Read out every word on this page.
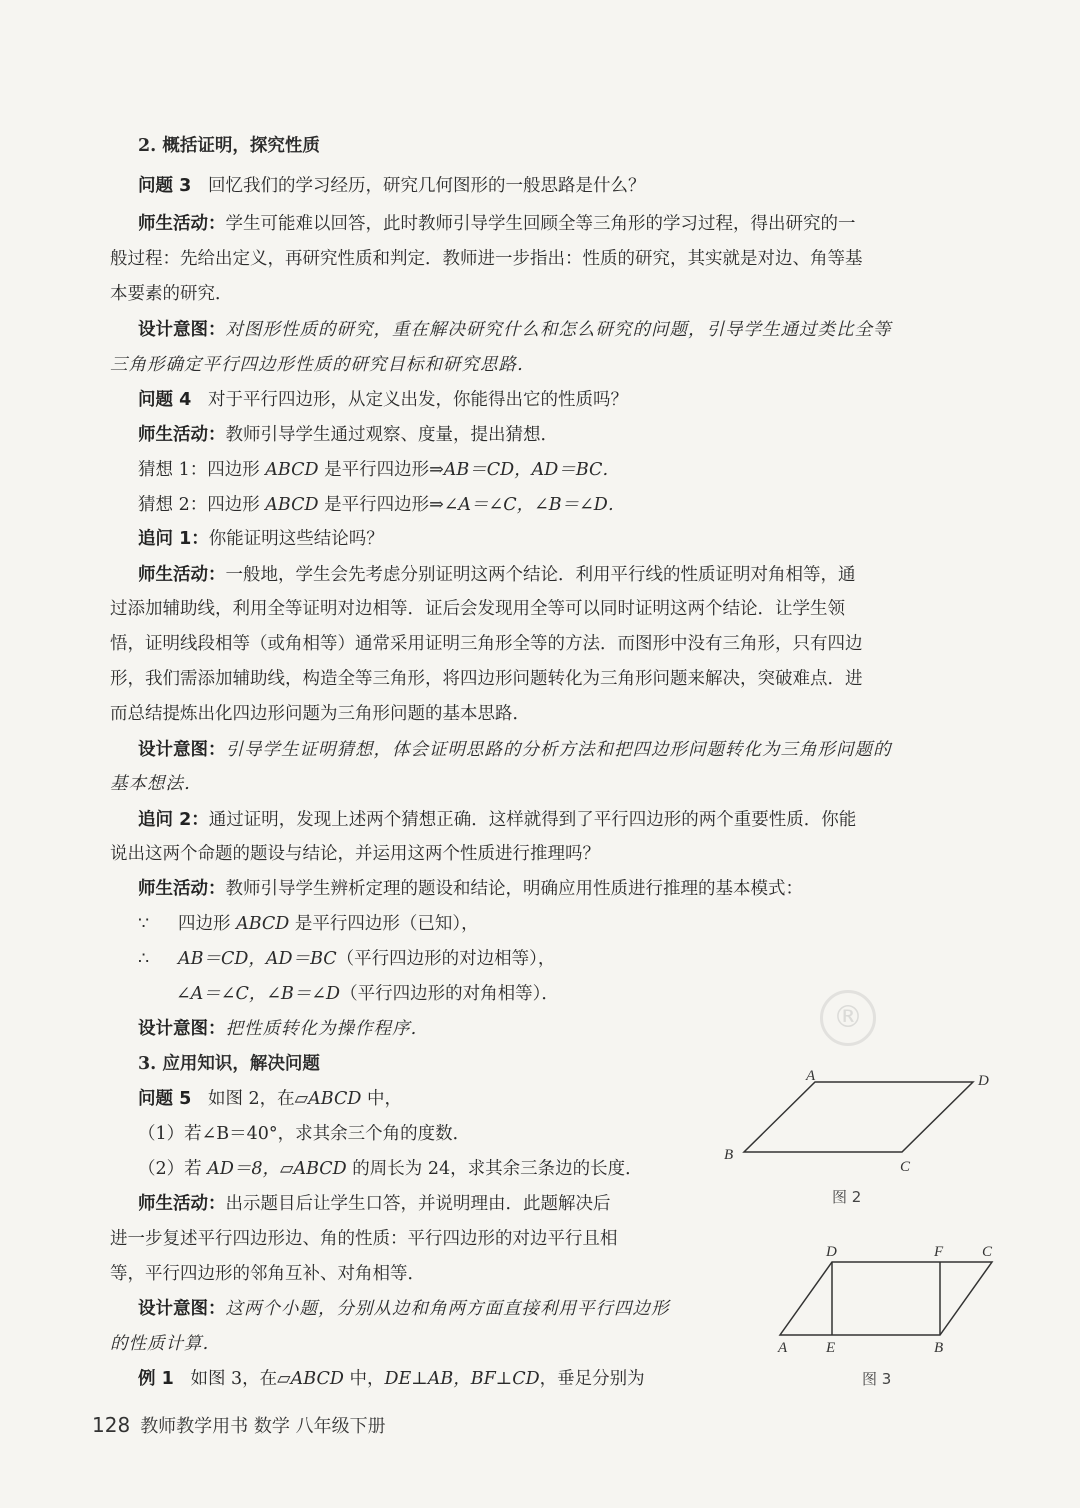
2. 概括证明，探究性质
问题 3 回忆我们的学习经历，研究几何图形的一般思路是什么？
师生活动：学生可能难以回答，此时教师引导学生回顾全等三角形的学习过程，得出研究的一
般过程：先给出定义，再研究性质和判定．教师进一步指出：性质的研究，其实就是对边、角等基
本要素的研究．
设计意图：对图形性质的研究，重在解决研究什么和怎么研究的问题，引导学生通过类比全等
三角形确定平行四边形性质的研究目标和研究思路．
问题 4 对于平行四边形，从定义出发，你能得出它的性质吗？
师生活动：教师引导学生通过观察、度量，提出猜想．
猜想 1：四边形 ABCD 是平行四边形⇒AB＝CD，AD＝BC．
猜想 2：四边形 ABCD 是平行四边形⇒∠A＝∠C，∠B＝∠D．
追问 1：你能证明这些结论吗？
师生活动：一般地，学生会先考虑分别证明这两个结论．利用平行线的性质证明对角相等，通
过添加辅助线，利用全等证明对边相等．证后会发现用全等可以同时证明这两个结论．让学生领
悟，证明线段相等（或角相等）通常采用证明三角形全等的方法．而图形中没有三角形，只有四边
形，我们需添加辅助线，构造全等三角形，将四边形问题转化为三角形问题来解决，突破难点．进
而总结提炼出化四边形问题为三角形问题的基本思路．
设计意图：引导学生证明猜想，体会证明思路的分析方法和把四边形问题转化为三角形问题的
基本想法．
追问 2：通过证明，发现上述两个猜想正确．这样就得到了平行四边形的两个重要性质．你能
说出这两个命题的题设与结论，并运用这两个性质进行推理吗？
师生活动：教师引导学生辨析定理的题设和结论，明确应用性质进行推理的基本模式：
∵ 四边形 ABCD 是平行四边形（已知），
∴ AB＝CD，AD＝BC（平行四边形的对边相等），
∠A＝∠C，∠B＝∠D（平行四边形的对角相等）．
设计意图：把性质转化为操作程序．
3. 应用知识，解决问题
问题 5 如图 2，在▱ABCD 中，
（1）若∠B＝40°，求其余三个角的度数．
（2）若 AD＝8，▱ABCD 的周长为 24，求其余三条边的长度．
师生活动：出示题目后让学生口答，并说明理由．此题解决后
进一步复述平行四边形边、角的性质：平行四边形的对边平行且相
等，平行四边形的邻角互补、对角相等．
设计意图：这两个小题，分别从边和角两方面直接利用平行四边形
的性质计算．
例 1 如图 3，在▱ABCD 中，DE⊥AB，BF⊥CD，垂足分别为
A	D
B
C
图 2
D	F	C
A	E	B
图 3
®
128 教师教学用书 数学 八年级下册
